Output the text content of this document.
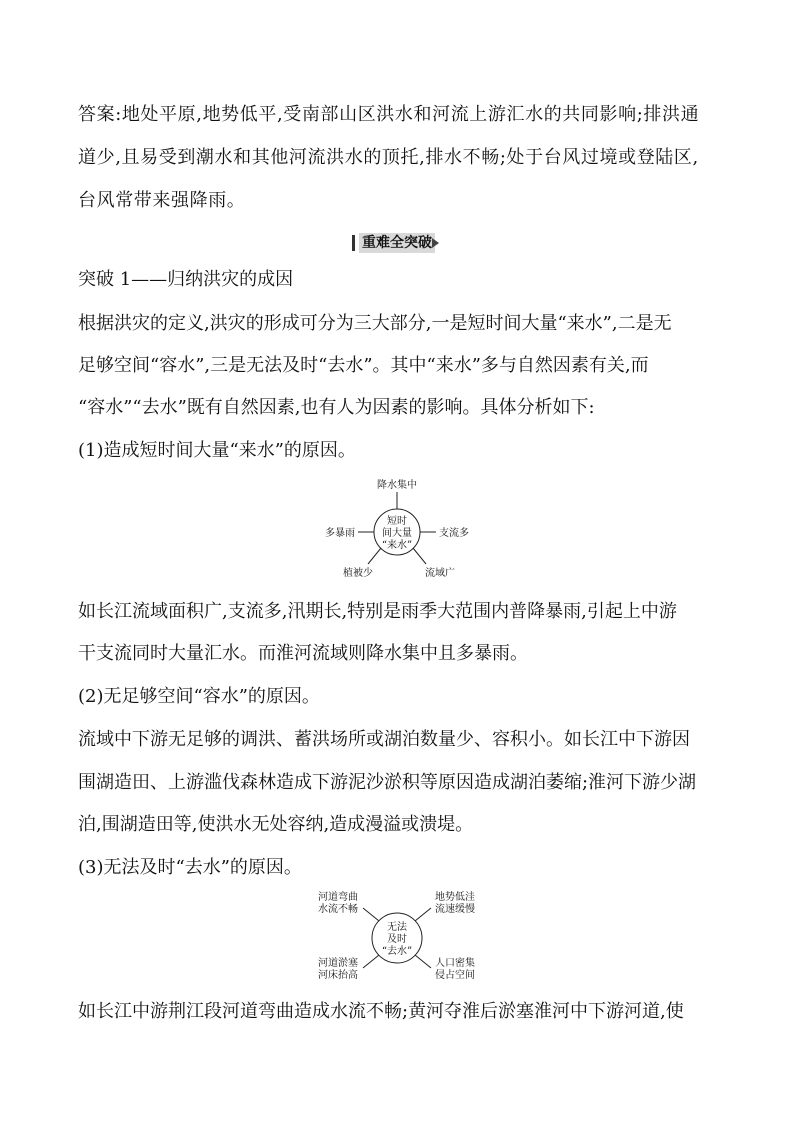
答案:地处平原,地势低平,受南部山区洪水和河流上游汇水的共同影响;排洪通
道少,且易受到潮水和其他河流洪水的顶托,排水不畅;处于台风过境或登陆区,
台风常带来强降雨。
重难全突破
突破 1——归纳洪灾的成因
根据洪灾的定义,洪灾的形成可分为三大部分,一是短时间大量“来水”,二是无
足够空间“容水”,三是无法及时“去水”。其中“来水”多与自然因素有关,而
“容水”“去水”既有自然因素,也有人为因素的影响。具体分析如下:
(1)造成短时间大量“来水”的原因。
短时
间大量
“来水”
降水集中
多暴雨	支流多
植被少	流域广
如长江流域面积广,支流多,汛期长,特别是雨季大范围内普降暴雨,引起上中游
干支流同时大量汇水。而淮河流域则降水集中且多暴雨。
(2)无足够空间“容水”的原因。
流域中下游无足够的调洪、蓄洪场所或湖泊数量少、容积小。如长江中下游因
围湖造田、上游滥伐森林造成下游泥沙淤积等原因造成湖泊萎缩;淮河下游少湖
泊,围湖造田等,使洪水无处容纳,造成漫溢或溃堤。
(3)无法及时“去水”的原因。
无法
及时
“去水”
河道弯曲
水流不畅
地势低洼
流速缓慢
河道淤塞
河床抬高
人口密集
侵占空间
如长江中游荆江段河道弯曲造成水流不畅;黄河夺淮后淤塞淮河中下游河道,使
